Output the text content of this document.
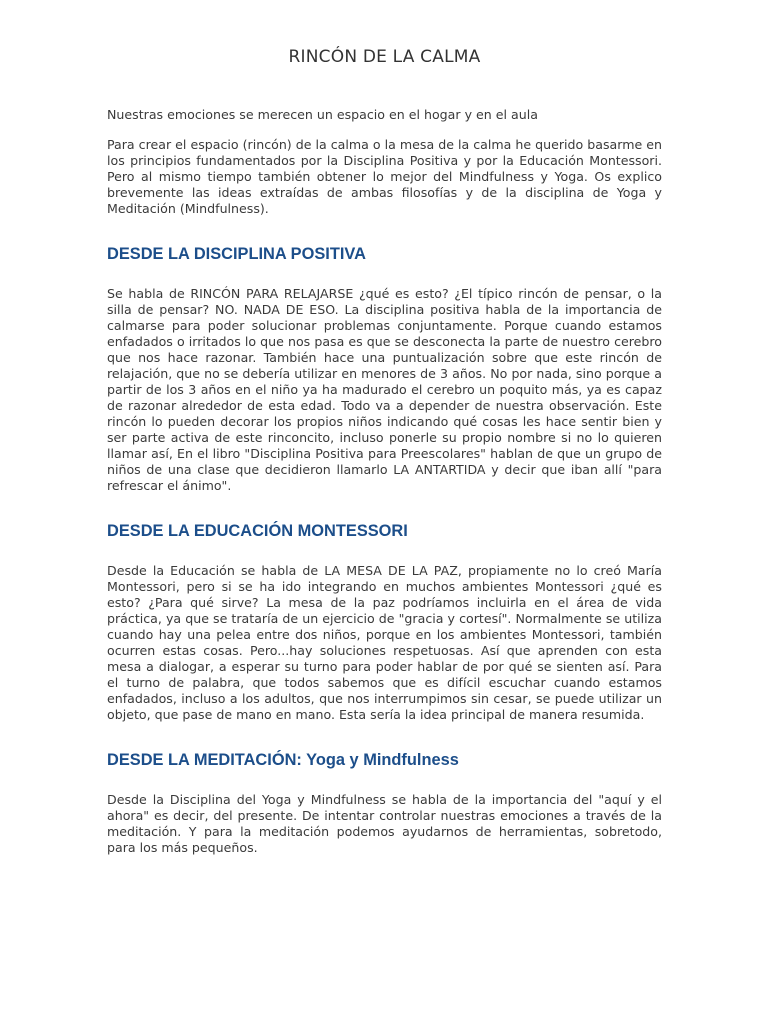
RINCÓN DE LA CALMA

Nuestras emociones se merecen un espacio en el hogar y en el aula

Para crear el espacio (rincón) de la calma o la mesa de la calma he querido basarme en los principios fundamentados por la Disciplina Positiva y por la Educación Montessori. Pero al mismo tiempo también obtener lo mejor del Mindfulness y Yoga. Os explico brevemente las ideas extraídas de ambas filosofías y de la disciplina de Yoga y Meditación (Mindfulness).

DESDE LA DISCIPLINA POSITIVA

Se habla de RINCÓN PARA RELAJARSE ¿qué es esto? ¿El típico rincón de pensar, o la silla de pensar? NO. NADA DE ESO. La disciplina positiva habla de la importancia de calmarse para poder solucionar problemas conjuntamente. Porque cuando estamos enfadados o irritados lo que nos pasa es que se desconecta la parte de nuestro cerebro que nos hace razonar. También hace una puntualización sobre que este rincón de relajación, que no se debería utilizar en menores de 3 años. No por nada, sino porque a partir de los 3 años en el niño ya ha madurado el cerebro un poquito más, ya es capaz de razonar alrededor de esta edad. Todo va a depender de nuestra observación. Este rincón lo pueden decorar los propios niños indicando qué cosas les hace sentir bien y ser parte activa de este rinconcito, incluso ponerle su propio nombre si no lo quieren llamar así, En el libro "Disciplina Positiva para Preescolares" hablan de que un grupo de niños de una clase que decidieron llamarlo LA ANTARTIDA y decir que iban allí "para refrescar el ánimo".

DESDE LA EDUCACIÓN MONTESSORI

Desde la Educación se habla de LA MESA DE LA PAZ, propiamente no lo creó María Montessori, pero si se ha ido integrando en muchos ambientes Montessori ¿qué es esto? ¿Para qué sirve? La mesa de la paz podríamos incluirla en el área de vida práctica, ya que se trataría de un ejercicio de "gracia y cortesí". Normalmente se utiliza cuando hay una pelea entre dos niños, porque en los ambientes Montessori, también ocurren estas cosas. Pero...hay soluciones respetuosas. Así que aprenden con esta mesa a dialogar, a esperar su turno para poder hablar de por qué se sienten así. Para el turno de palabra, que todos sabemos que es difícil escuchar cuando estamos enfadados, incluso a los adultos, que nos interrumpimos sin cesar, se puede utilizar un objeto, que pase de mano en mano. Esta sería la idea principal de manera resumida.

DESDE LA MEDITACIÓN: Yoga y Mindfulness

Desde la Disciplina del Yoga y Mindfulness se habla de la importancia del "aquí y el ahora" es decir, del presente. De intentar controlar nuestras emociones a través de la meditación. Y para la meditación podemos ayudarnos de herramientas, sobretodo, para los más pequeños.
